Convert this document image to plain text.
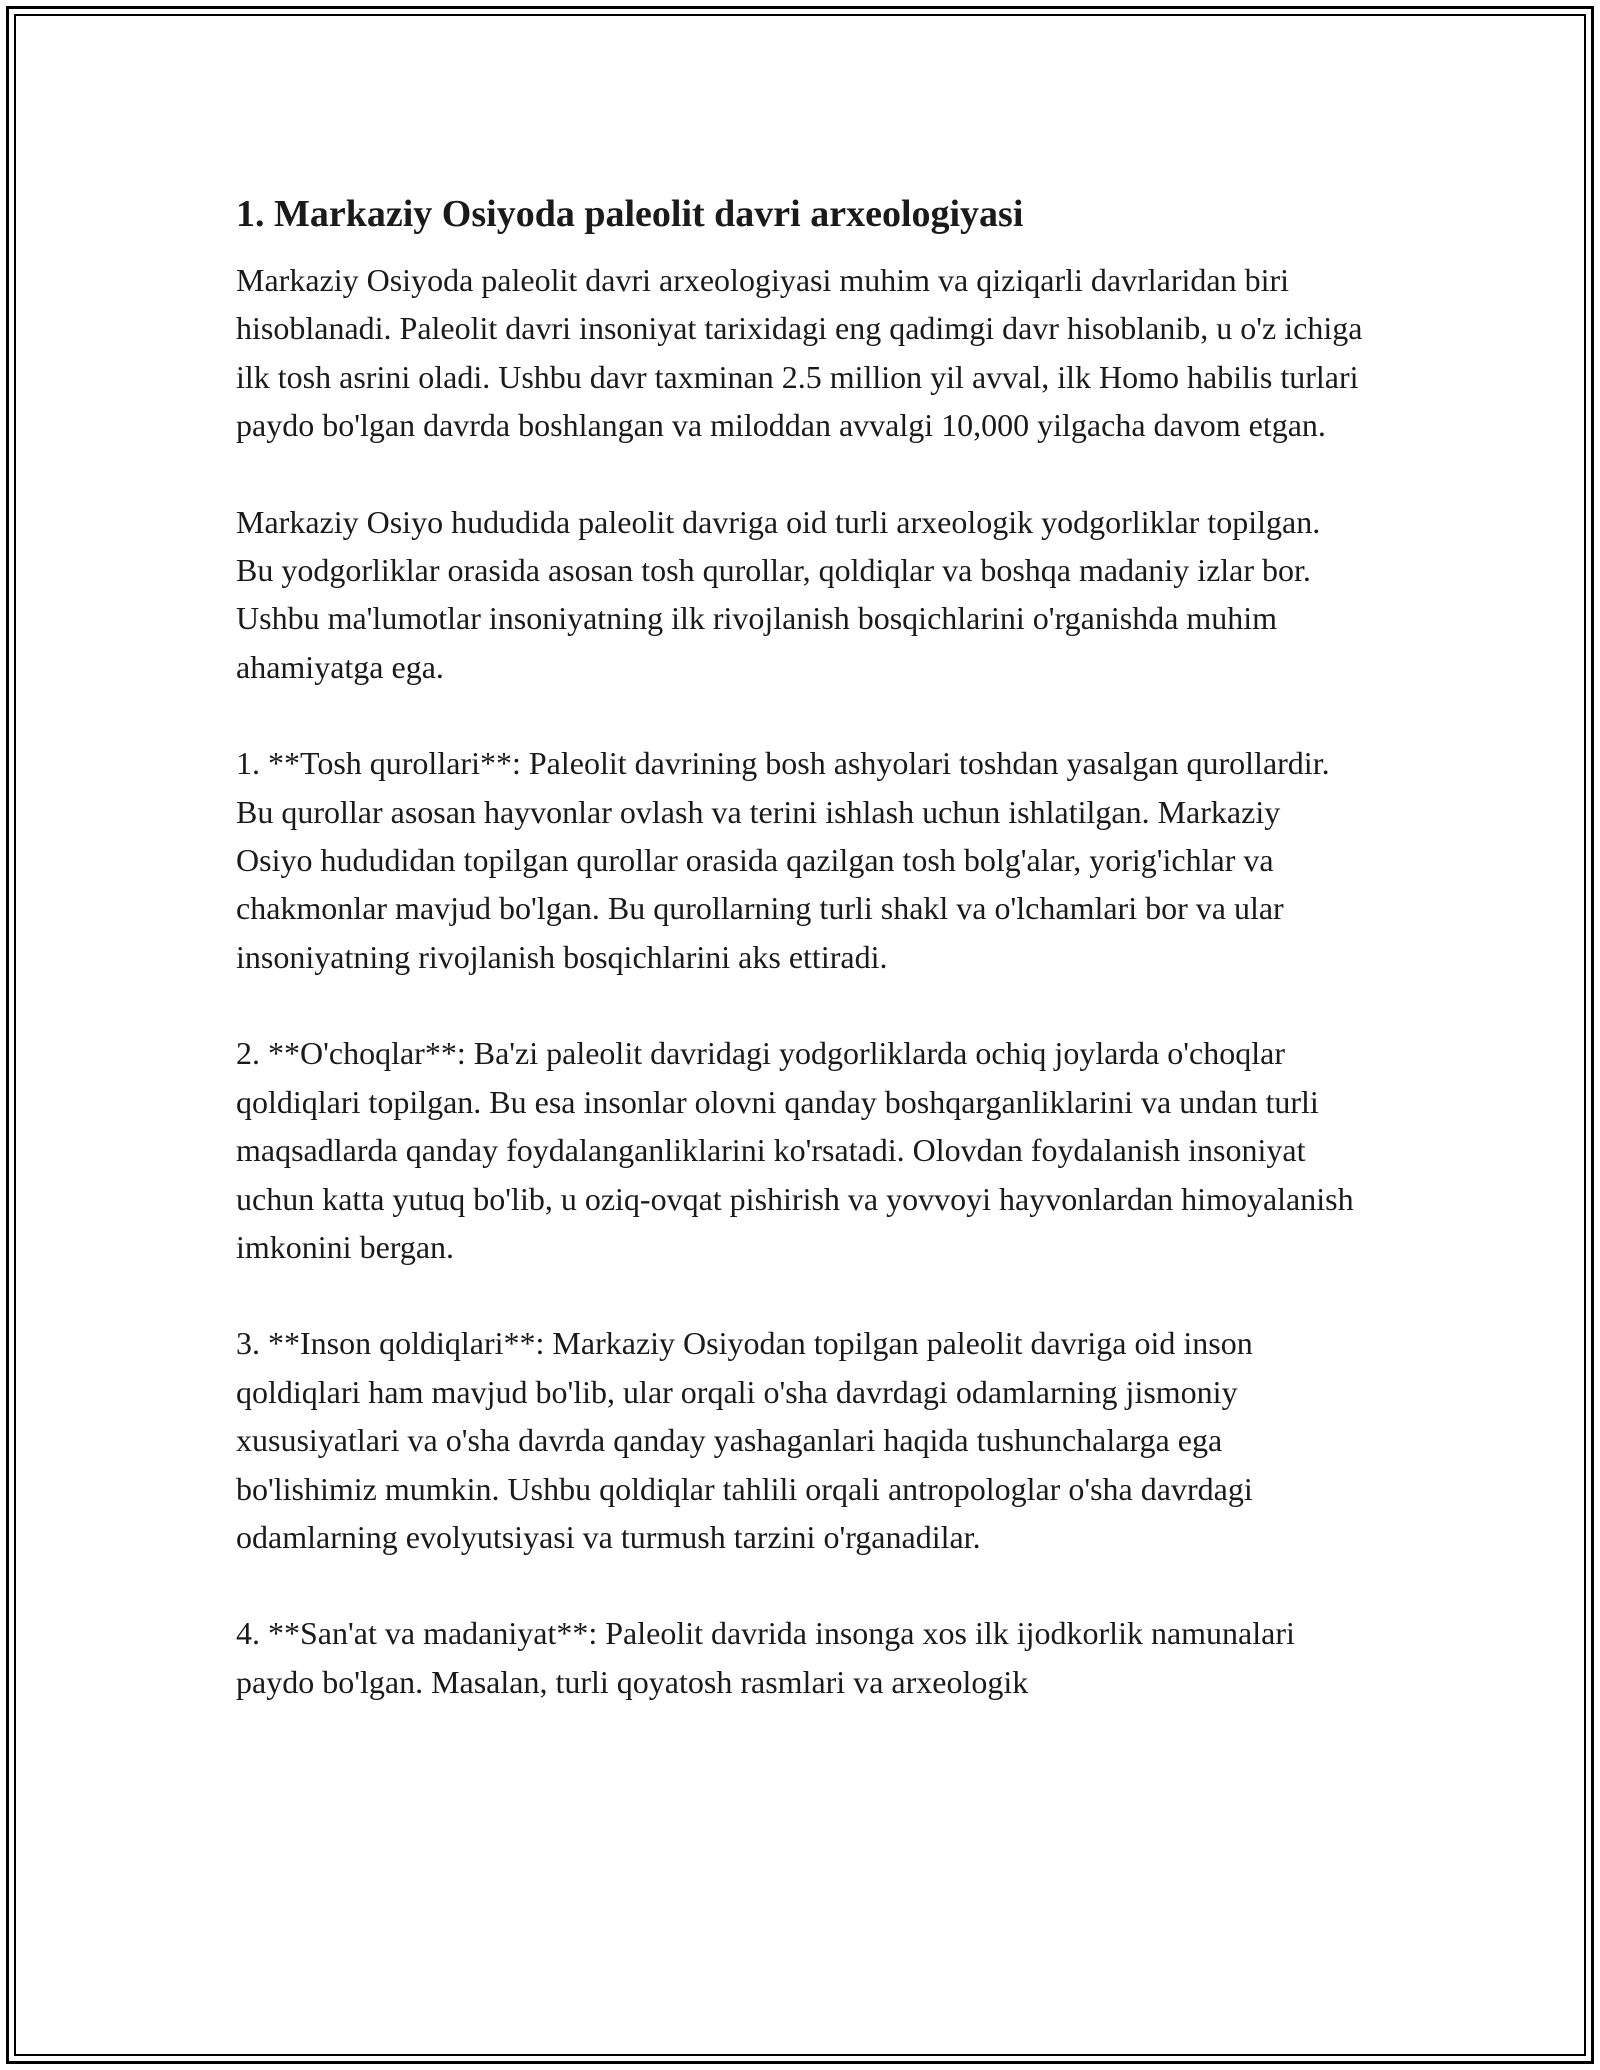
1. Markaziy Osiyoda paleolit davri arxeologiyasi

Markaziy Osiyoda paleolit davri arxeologiyasi muhim va qiziqarli davrlaridan biri hisoblanadi. Paleolit davri insoniyat tarixidagi eng qadimgi davr hisoblanib, u o'z ichiga ilk tosh asrini oladi. Ushbu davr taxminan 2.5 million yil avval, ilk Homo habilis turlari paydo bo'lgan davrda boshlangan va miloddan avvalgi 10,000 yilgacha davom etgan.

Markaziy Osiyo hududida paleolit davriga oid turli arxeologik yodgorliklar topilgan. Bu yodgorliklar orasida asosan tosh qurollar, qoldiqlar va boshqa madaniy izlar bor. Ushbu ma'lumotlar insoniyatning ilk rivojlanish bosqichlarini o'rganishda muhim ahamiyatga ega.

1. **Tosh qurollari**: Paleolit davrining bosh ashyolari toshdan yasalgan qurollardir. Bu qurollar asosan hayvonlar ovlash va terini ishlash uchun ishlatilgan. Markaziy Osiyo hududidan topilgan qurollar orasida qazilgan tosh bolg'alar, yorig'ichlar va chakmonlar mavjud bo'lgan. Bu qurollarning turli shakl va o'lchamlari bor va ular insoniyatning rivojlanish bosqichlarini aks ettiradi.

2. **O'choqlar**: Ba'zi paleolit davridagi yodgorliklarda ochiq joylarda o'choqlar qoldiqlari topilgan. Bu esa insonlar olovni qanday boshqarganliklarini va undan turli maqsadlarda qanday foydalanganliklarini ko'rsatadi. Olovdan foydalanish insoniyat uchun katta yutuq bo'lib, u oziq-ovqat pishirish va yovvoyi hayvonlardan himoyalanish imkonini bergan.

3. **Inson qoldiqlari**: Markaziy Osiyodan topilgan paleolit davriga oid inson qoldiqlari ham mavjud bo'lib, ular orqali o'sha davrdagi odamlarning jismoniy xususiyatlari va o'sha davrda qanday yashaganlari haqida tushunchalarga ega bo'lishimiz mumkin. Ushbu qoldiqlar tahlili orqali antropologlar o'sha davrdagi odamlarning evolyutsiyasi va turmush tarzini o'rganadilar.

4. **San'at va madaniyat**: Paleolit davrida insonga xos ilk ijodkorlik namunalari paydo bo'lgan. Masalan, turli qoyatosh rasmlari va arxeologik
